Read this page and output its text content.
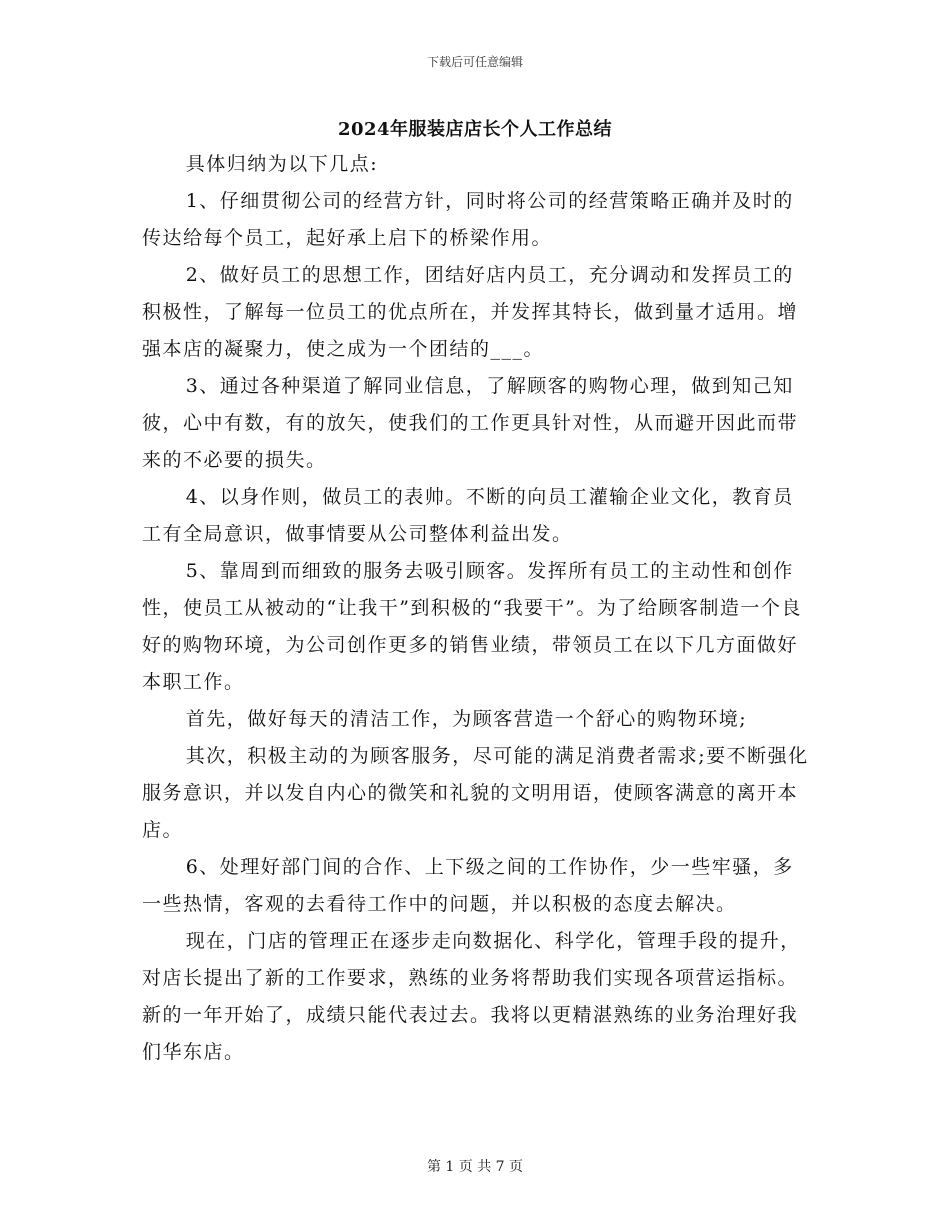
下载后可任意编辑
2024年服装店店长个人工作总结

具体归纳为以下几点:

1、仔细贯彻公司的经营方针，同时将公司的经营策略正确并及时的传达给每个员工，起好承上启下的桥梁作用。

2、做好员工的思想工作，团结好店内员工，充分调动和发挥员工的积极性，了解每一位员工的优点所在，并发挥其特长，做到量才适用。增强本店的凝聚力，使之成为一个团结的___。

3、通过各种渠道了解同业信息，了解顾客的购物心理，做到知己知彼，心中有数，有的放矢，使我们的工作更具针对性，从而避开因此而带来的不必要的损失。

4、以身作则，做员工的表帅。不断的向员工灌输企业文化，教育员工有全局意识，做事情要从公司整体利益出发。

5、靠周到而细致的服务去吸引顾客。发挥所有员工的主动性和创作性，使员工从被动的“让我干”到积极的“我要干”。为了给顾客制造一个良好的购物环境，为公司创作更多的销售业绩，带领员工在以下几方面做好本职工作。

首先，做好每天的清洁工作，为顾客营造一个舒心的购物环境;

其次，积极主动的为顾客服务，尽可能的满足消费者需求;要不断强化服务意识，并以发自内心的微笑和礼貌的文明用语，使顾客满意的离开本店。

6、处理好部门间的合作、上下级之间的工作协作，少一些牢骚，多一些热情，客观的去看待工作中的问题，并以积极的态度去解决。

现在，门店的管理正在逐步走向数据化、科学化，管理手段的提升，对店长提出了新的工作要求，熟练的业务将帮助我们实现各项营运指标。新的一年开始了，成绩只能代表过去。我将以更精湛熟练的业务治理好我们华东店。

第 1 页 共 7 页
